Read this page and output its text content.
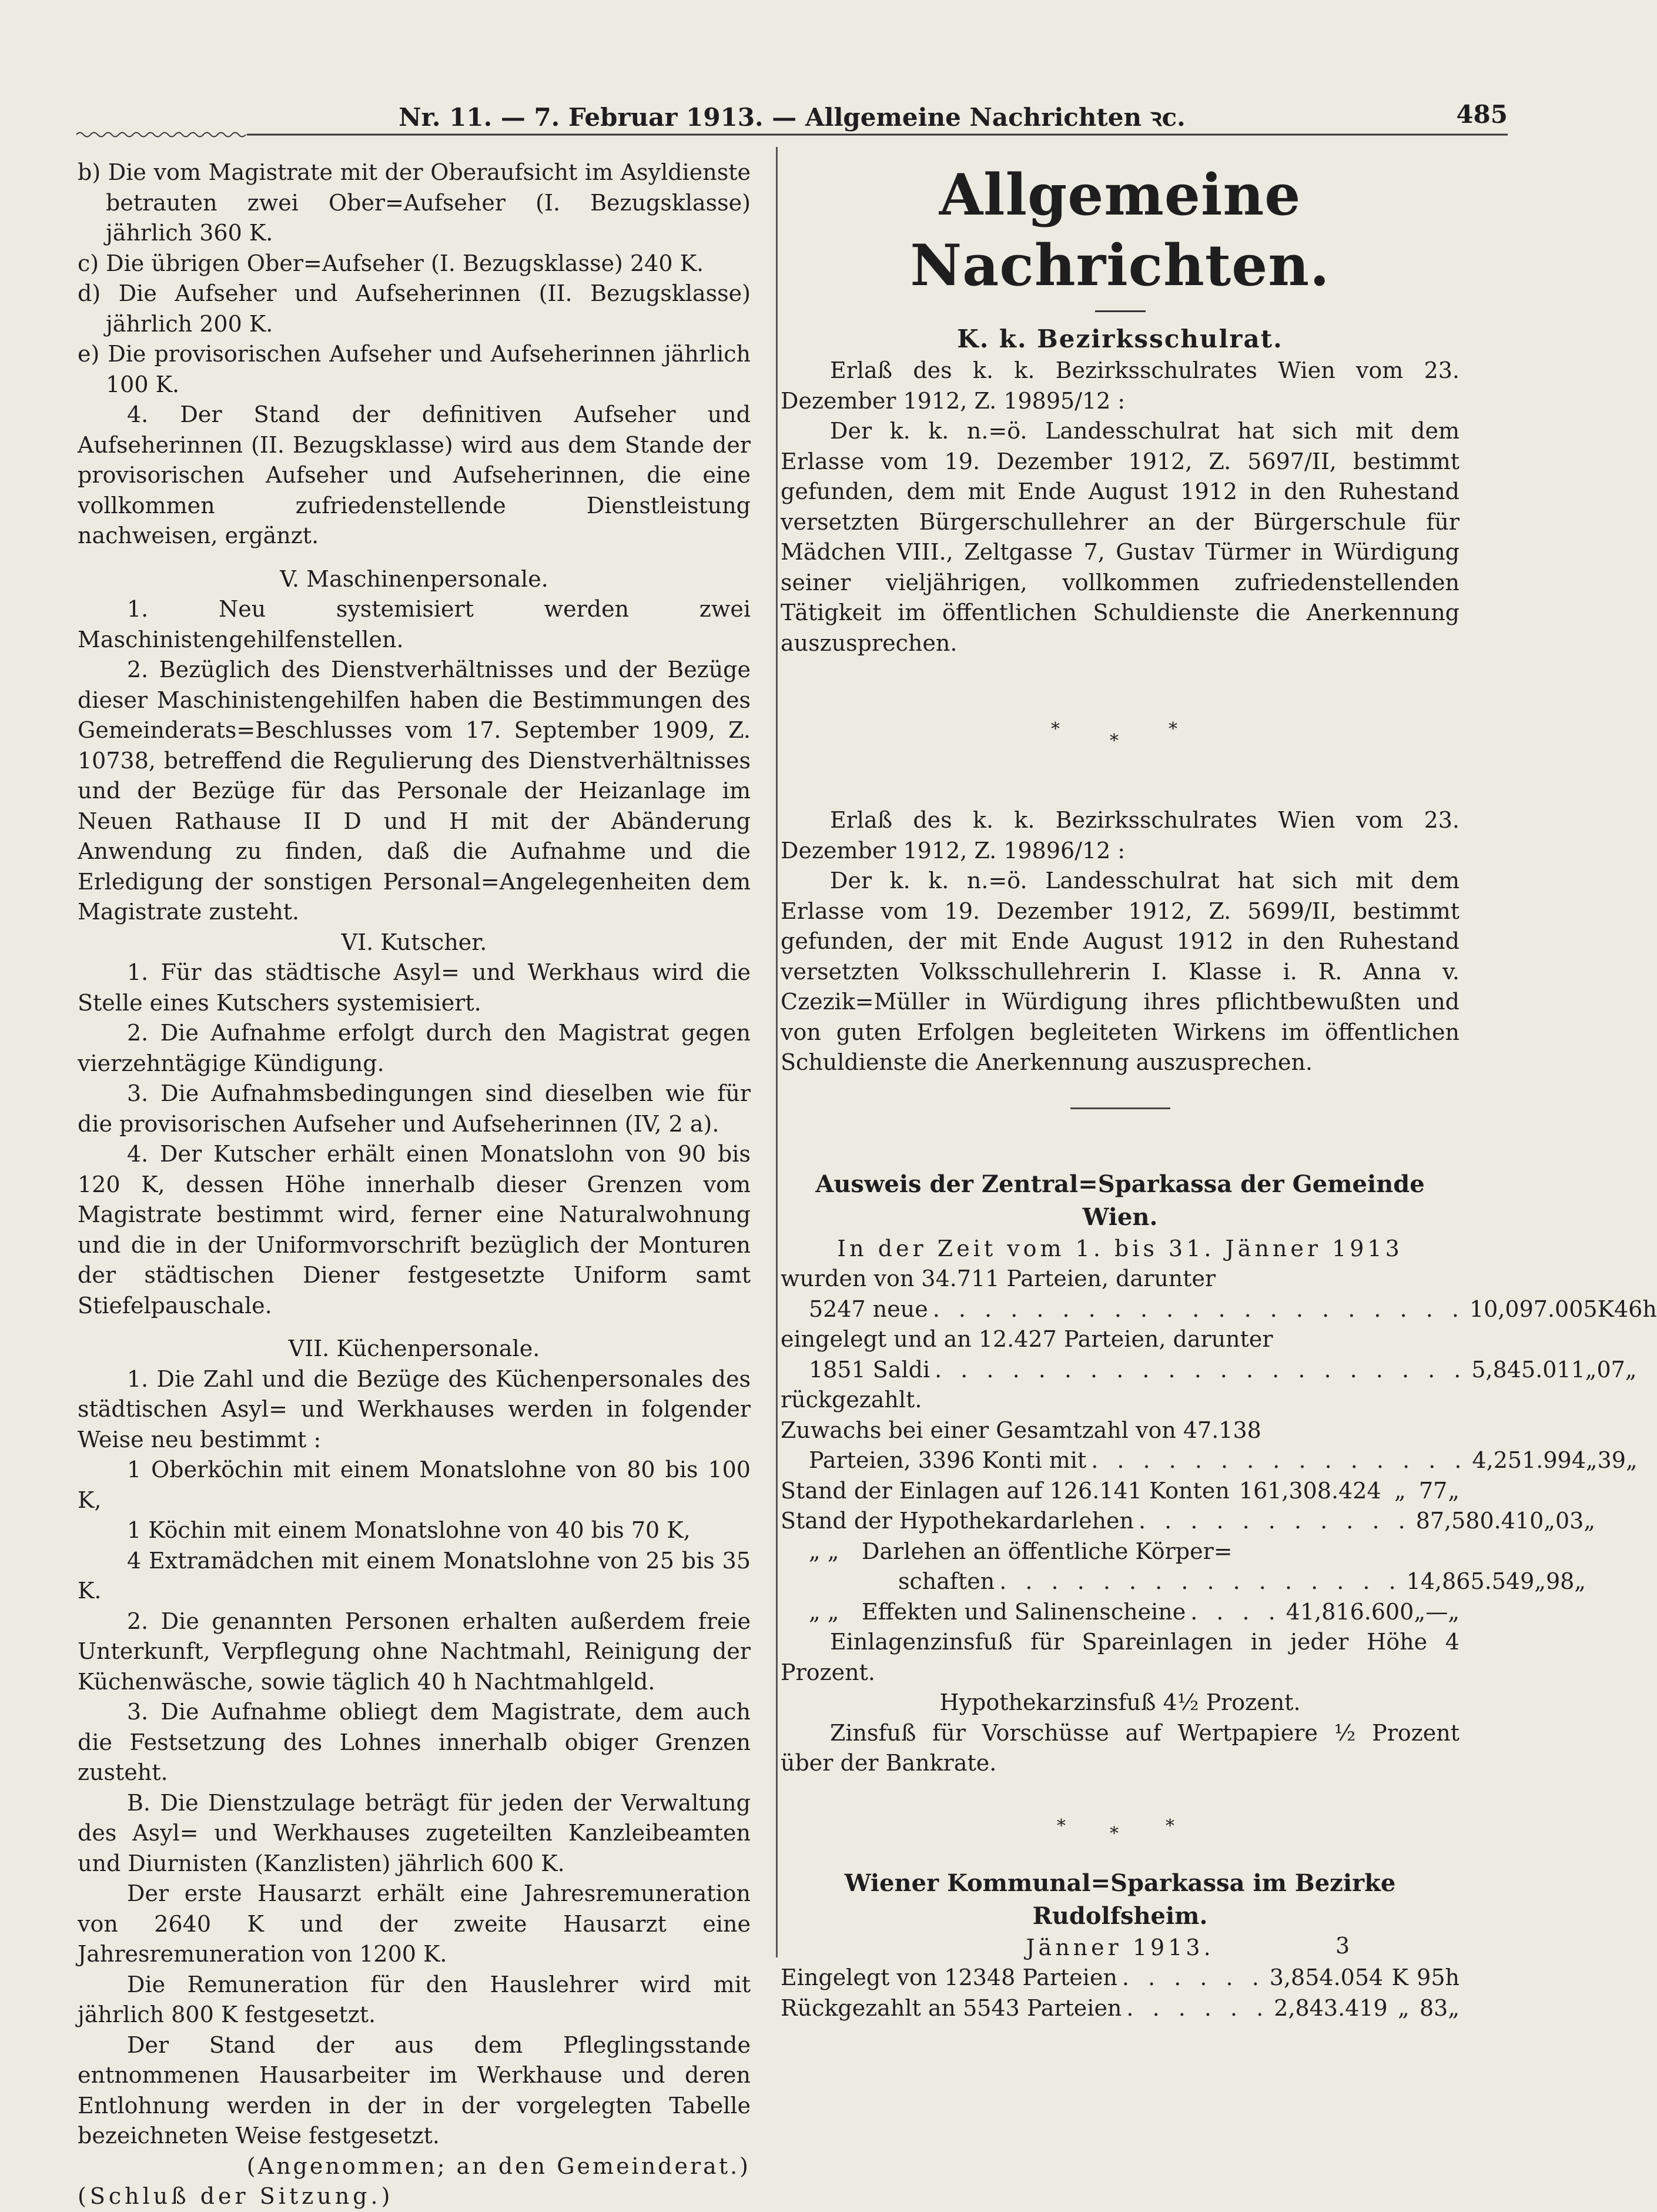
Nr. 11. — 7. Februar 1913. — Allgemeine Nachrichten ꝛc.	485

b) Die vom Magistrate mit der Oberaufsicht im Asyldienste betrauten zwei Ober=Aufseher (I. Bezugsklasse) jährlich 360 K.

c) Die übrigen Ober=Aufseher (I. Bezugsklasse) 240 K.

d) Die Aufseher und Aufseherinnen (II. Bezugsklasse) jährlich 200 K.

e) Die provisorischen Aufseher und Aufseherinnen jährlich 100 K.

4. Der Stand der definitiven Aufseher und Aufseherinnen (II. Bezugsklasse) wird aus dem Stande der provisorischen Aufseher und Aufseherinnen, die eine vollkommen zufriedenstellende Dienstleistung nachweisen, ergänzt.

V. Maschinenpersonale.

1. Neu systemisiert werden zwei Maschinistengehilfenstellen.

2. Bezüglich des Dienstverhältnisses und der Bezüge dieser Maschinistengehilfen haben die Bestimmungen des Gemeinderats=Beschlusses vom 17. September 1909, Z. 10738, betreffend die Regulierung des Dienstverhältnisses und der Bezüge für das Personale der Heizanlage im Neuen Rathause II D und H mit der Abänderung Anwendung zu finden, daß die Aufnahme und die Erledigung der sonstigen Personal=Angelegenheiten dem Magistrate zusteht.

VI. Kutscher.

1. Für das städtische Asyl= und Werkhaus wird die Stelle eines Kutschers systemisiert.

2. Die Aufnahme erfolgt durch den Magistrat gegen vierzehntägige Kündigung.

3. Die Aufnahmsbedingungen sind dieselben wie für die provisorischen Aufseher und Aufseherinnen (IV, 2 a).

4. Der Kutscher erhält einen Monatslohn von 90 bis 120 K, dessen Höhe innerhalb dieser Grenzen vom Magistrate bestimmt wird, ferner eine Naturalwohnung und die in der Uniformvorschrift bezüglich der Monturen der städtischen Diener festgesetzte Uniform samt Stiefelpauschale.

VII. Küchenpersonale.

1. Die Zahl und die Bezüge des Küchenpersonales des städtischen Asyl= und Werkhauses werden in folgender Weise neu bestimmt :

1 Oberköchin mit einem Monatslohne von 80 bis 100 K,

1 Köchin mit einem Monatslohne von 40 bis 70 K,

4 Extramädchen mit einem Monatslohne von 25 bis 35 K.

2. Die genannten Personen erhalten außerdem freie Unterkunft, Verpflegung ohne Nachtmahl, Reinigung der Küchenwäsche, sowie täglich 40 h Nachtmahlgeld.

3. Die Aufnahme obliegt dem Magistrate, dem auch die Festsetzung des Lohnes innerhalb obiger Grenzen zusteht.

B. Die Dienstzulage beträgt für jeden der Verwaltung des Asyl= und Werkhauses zugeteilten Kanzleibeamten und Diurnisten (Kanzlisten) jährlich 600 K.

Der erste Hausarzt erhält eine Jahresremuneration von 2640 K und der zweite Hausarzt eine Jahresremuneration von 1200 K.

Die Remuneration für den Hauslehrer wird mit jährlich 800 K festgesetzt.

Der Stand der aus dem Pfleglingsstande entnommenen Hausarbeiter im Werkhause und deren Entlohnung werden in der in der vorgelegten Tabelle bezeichneten Weise festgesetzt.

(Angenommen; an den Gemeinderat.)

(Schluß der Sitzung.)

Allgemeine Nachrichten.
K. k. Bezirksschulrat.

Erlaß des k. k. Bezirksschulrates Wien vom 23. Dezember 1912, Z. 19895/12 :

Der k. k. n.=ö. Landesschulrat hat sich mit dem Erlasse vom 19. Dezember 1912, Z. 5697/II, bestimmt gefunden, dem mit Ende August 1912 in den Ruhestand versetzten Bürgerschullehrer an der Bürgerschule für Mädchen VIII., Zeltgasse 7, Gustav Türmer in Würdigung seiner vieljährigen, vollkommen zufriedenstellenden Tätigkeit im öffentlichen Schuldienste die Anerkennung auszusprechen.

*
*
*

Erlaß des k. k. Bezirksschulrates Wien vom 23. Dezember 1912, Z. 19896/12 :

Der k. k. n.=ö. Landesschulrat hat sich mit dem Erlasse vom 19. Dezember 1912, Z. 5699/II, bestimmt gefunden, der mit Ende August 1912 in den Ruhestand versetzten Volksschullehrerin I. Klasse i. R. Anna v. Czezik=Müller in Würdigung ihres pflichtbewußten und von guten Erfolgen begleiteten Wirkens im öffentlichen Schuldienste die Anerkennung auszusprechen.

Ausweis der Zentral=Sparkassa der Gemeinde Wien.

In der Zeit vom 1. bis 31. Jänner 1913

wurden von 34.711 Parteien, darunter

5247 neue . . . . . . . . . . . . . . . . . . . . . 10,097.005 K 46 h

eingelegt und an 12.427 Parteien, darunter

1851 Saldi . . . . . . . . . . . . . . . . . . . . . 5,845.011 „ 07 „

rückgezahlt.

Zuwachs bei einer Gesamtzahl von 47.138

Parteien, 3396 Konti mit . . . . . . . . . . . . . . . 4,251.994 „ 39 „
Stand der Einlagen auf 126.141 Konten 161,308.424 „ 77 „
Stand der Hypothekardarlehen . . . . . . . . . . . 87,580.410 „ 03 „

„ „ Darlehen an öffentliche Körper=

schaften . . . . . . . . . . . . . . . . 14,865.549 „ 98 „
„ „ Effekten und Salinenscheine . . . . 41,816.600 „ — „

Einlagenzinsfuß für Spareinlagen in jeder Höhe 4 Prozent.

Hypothekarzinsfuß 4½ Prozent.

Zinsfuß für Vorschüsse auf Wertpapiere ½ Prozent über der Bankrate.

*	*	*

Wiener Kommunal=Sparkassa im Bezirke Rudolfsheim.

Jänner 1913.

Eingelegt von 12348 Parteien . . . . . . 3,854.054 K 95 h
Rückgezahlt an 5543 Parteien . . . . . . 2,843.419 „ 83 „
3
